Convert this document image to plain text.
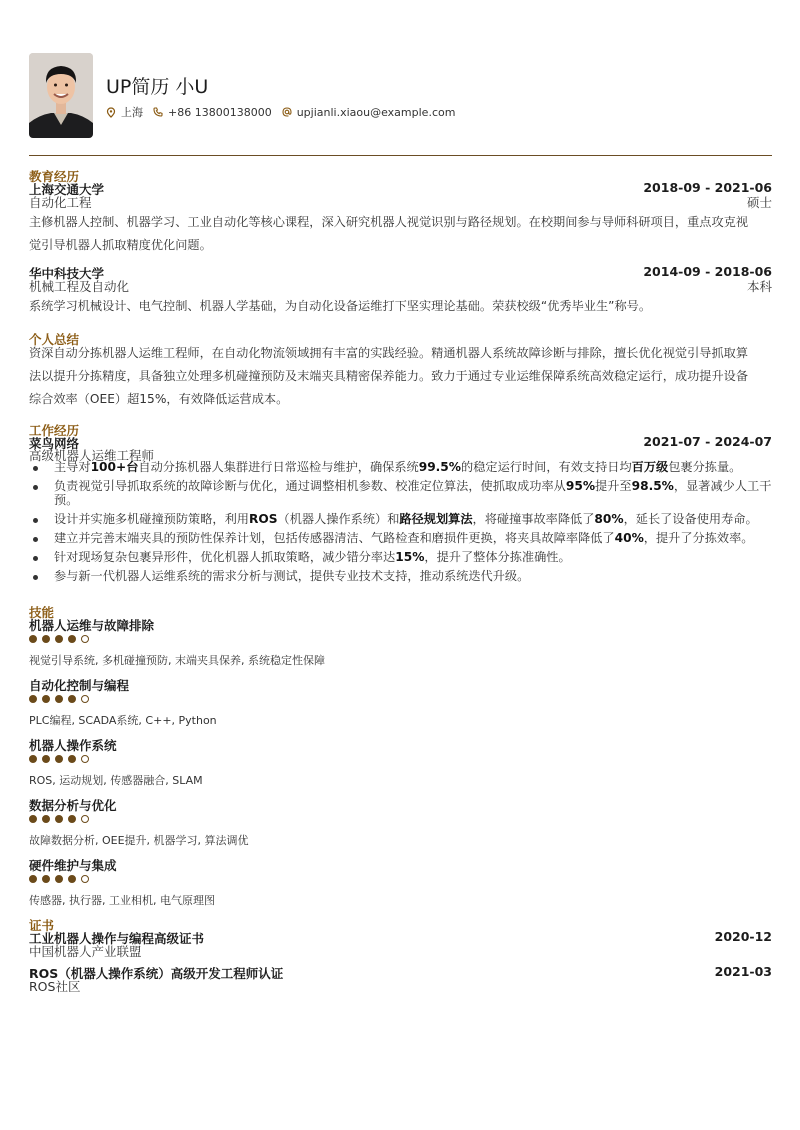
UP简历 小U
上海 +86 13800138000 upjianli.xiaou@example.com
教育经历
上海交通大学	2018-09 - 2021-06
自动化工程	硕士
主修机器人控制、机器学习、工业自动化等核心课程，深入研究机器人视觉识别与路径规划。在校期间参与导师科研项目，重点攻克视
觉引导机器人抓取精度优化问题。
华中科技大学	2014-09 - 2018-06
机械工程及自动化	本科
系统学习机械设计、电气控制、机器人学基础，为自动化设备运维打下坚实理论基础。荣获校级“优秀毕业生”称号。
个人总结
资深自动分拣机器人运维工程师，在自动化物流领域拥有丰富的实践经验。精通机器人系统故障诊断与排除，擅长优化视觉引导抓取算
法以提升分拣精度，具备独立处理多机碰撞预防及末端夹具精密保养能力。致力于通过专业运维保障系统高效稳定运行，成功提升设备
综合效率（OEE）超15%，有效降低运营成本。
工作经历
菜鸟网络	2021-07 - 2024-07
高级机器人运维工程师
主导对100+台自动分拣机器人集群进行日常巡检与维护，确保系统99.5%的稳定运行时间，有效支持日均百万级包裹分拣量。
负责视觉引导抓取系统的故障诊断与优化，通过调整相机参数、校准定位算法，使抓取成功率从95%提升至98.5%，显著减少人工干预。
设计并实施多机碰撞预防策略，利用ROS（机器人操作系统）和路径规划算法，将碰撞事故率降低了80%，延长了设备使用寿命。
建立并完善末端夹具的预防性保养计划，包括传感器清洁、气路检查和磨损件更换，将夹具故障率降低了40%，提升了分拣效率。
针对现场复杂包裹异形件，优化机器人抓取策略，减少错分率达15%，提升了整体分拣准确性。
参与新一代机器人运维系统的需求分析与测试，提供专业技术支持，推动系统迭代升级。
技能
机器人运维与故障排除
视觉引导系统, 多机碰撞预防, 末端夹具保养, 系统稳定性保障
自动化控制与编程
PLC编程, SCADA系统, C++, Python
机器人操作系统
ROS, 运动规划, 传感器融合, SLAM
数据分析与优化
故障数据分析, OEE提升, 机器学习, 算法调优
硬件维护与集成
传感器, 执行器, 工业相机, 电气原理图
证书
工业机器人操作与编程高级证书	2020-12
中国机器人产业联盟
ROS（机器人操作系统）高级开发工程师认证	2021-03
ROS社区
